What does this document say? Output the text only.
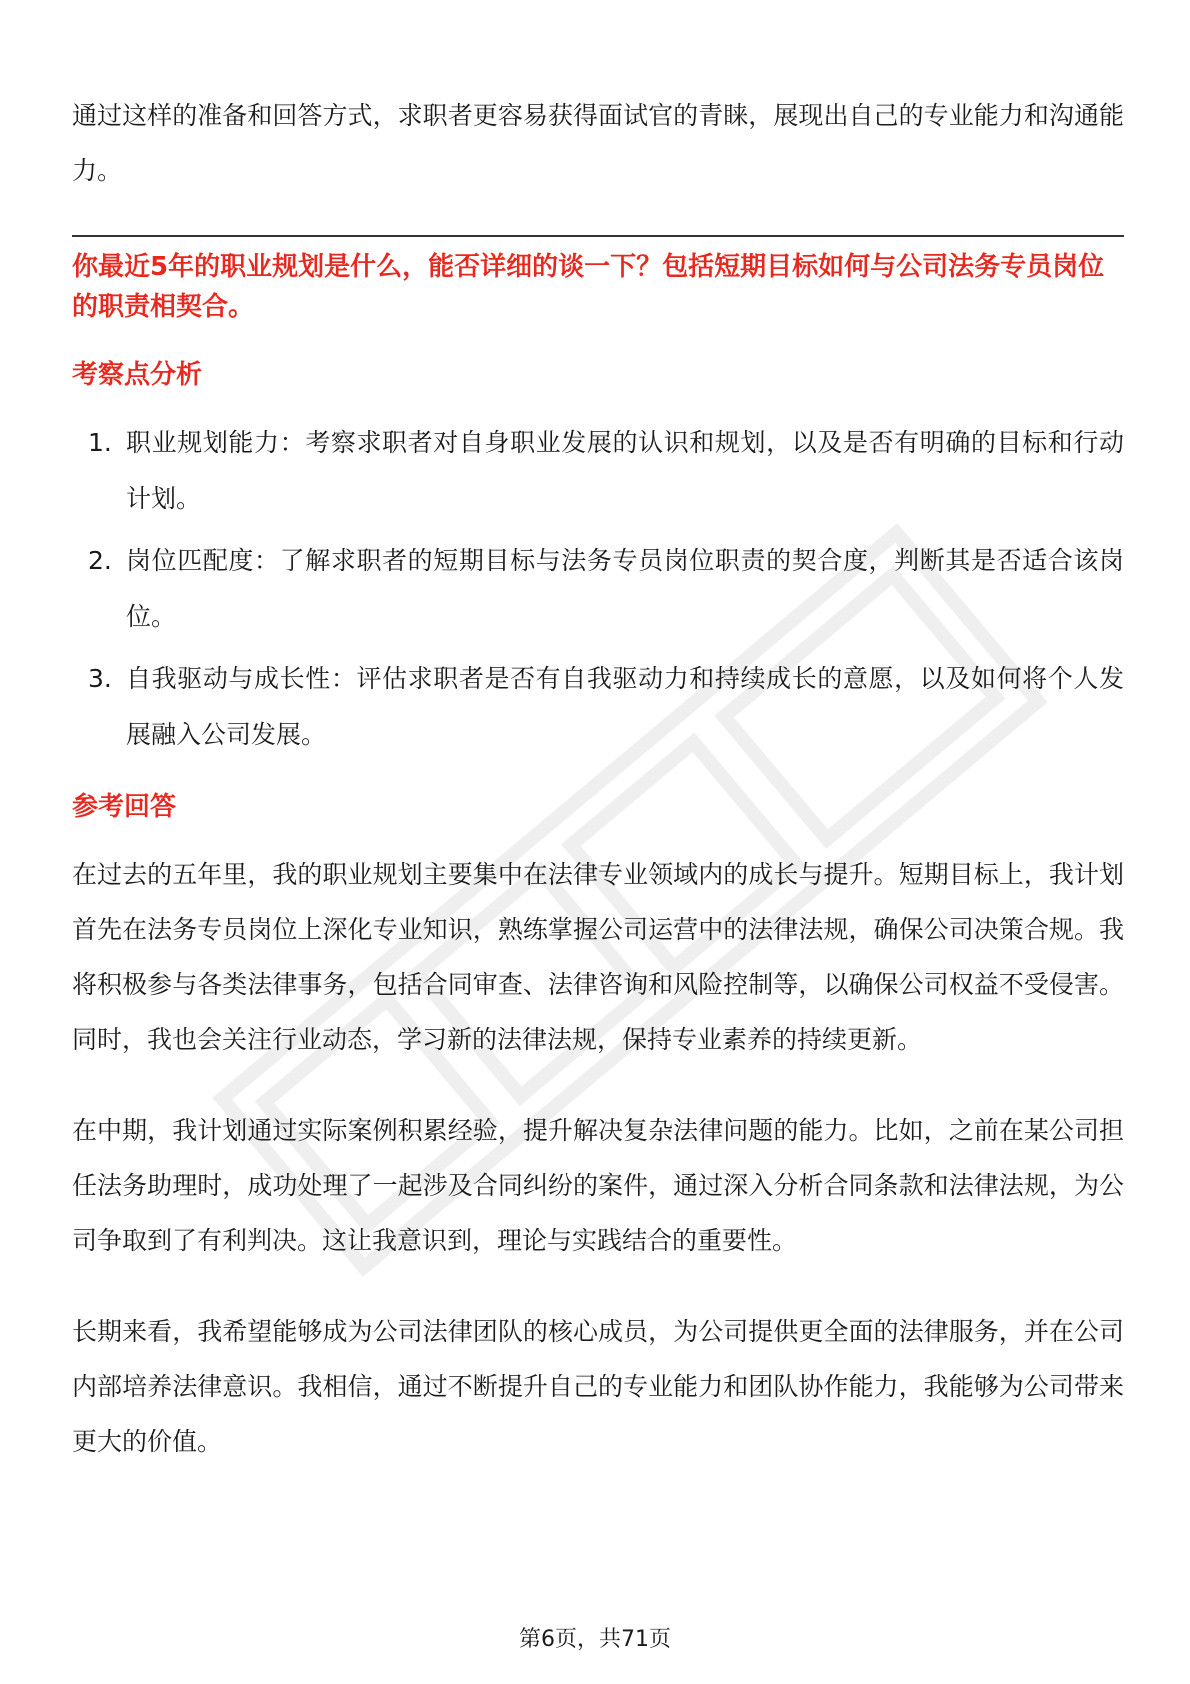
通过这样的准备和回答方式，求职者更容易获得面试官的青睐，展现出自己的专业能力和沟通能力。

你最近5年的职业规划是什么，能否详细的谈一下？包括短期目标如何与公司法务专员岗位的职责相契合。
考察点分析
1. 职业规划能力：考察求职者对自身职业发展的认识和规划，以及是否有明确的目标和行动计划。
2. 岗位匹配度：了解求职者的短期目标与法务专员岗位职责的契合度，判断其是否适合该岗位。
3. 自我驱动与成长性：评估求职者是否有自我驱动力和持续成长的意愿，以及如何将个人发展融入公司发展。
参考回答

在过去的五年里，我的职业规划主要集中在法律专业领域内的成长与提升。短期目标上，我计划首先在法务专员岗位上深化专业知识，熟练掌握公司运营中的法律法规，确保公司决策合规。我将积极参与各类法律事务，包括合同审查、法律咨询和风险控制等，以确保公司权益不受侵害。同时，我也会关注行业动态，学习新的法律法规，保持专业素养的持续更新。

在中期，我计划通过实际案例积累经验，提升解决复杂法律问题的能力。比如，之前在某公司担任法务助理时，成功处理了一起涉及合同纠纷的案件，通过深入分析合同条款和法律法规，为公司争取到了有利判决。这让我意识到，理论与实践结合的重要性。

长期来看，我希望能够成为公司法律团队的核心成员，为公司提供更全面的法律服务，并在公司内部培养法律意识。我相信，通过不断提升自己的专业能力和团队协作能力，我能够为公司带来更大的价值。

第6页，共71页
